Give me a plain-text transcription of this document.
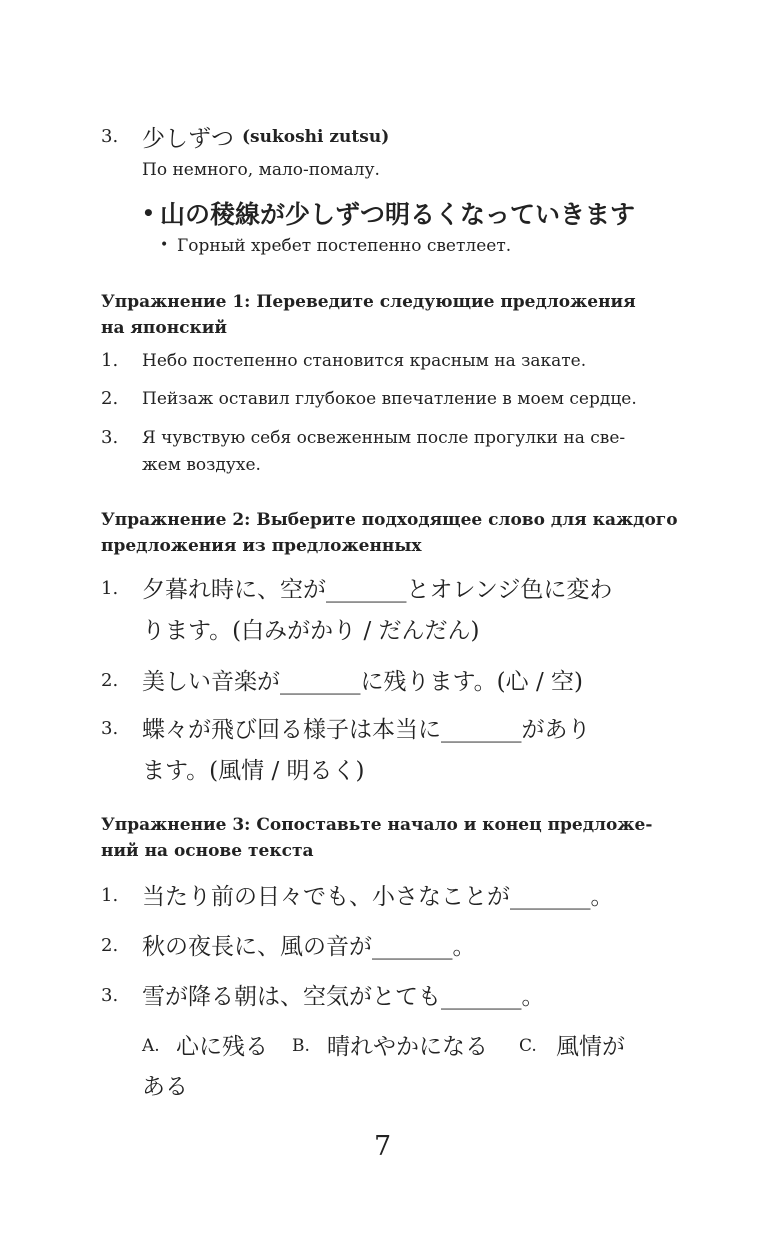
3. 少しずつ (sukoshi zutsu)
По немного, мало-помалу.
• 山の稜線が少しずつ明るくなっていきます
• Горный хребет постепенно светлеет.
Упражнение 1: Переведите следующие предложения
на японский
1. Небо постепенно становится красным на закате.
2. Пейзаж оставил глубокое впечатление в моем сердце.
3. Я чувствую себя освеженным после прогулки на све-
жем воздухе.
Упражнение 2: Выберите подходящее слово для каждого
предложения из предложенных
1. 夕暮れ時に、空が_______とオレンジ色に変わ
ります。(白みがかり / だんだん)
2. 美しい音楽が_______に残ります。(心 / 空)
3. 蝶々が飛び回る様子は本当に_______があり
ます。(風情 / 明るく)
Упражнение 3: Сопоставьте начало и конец предложе-
ний на основе текста
1. 当たり前の日々でも、小さなことが_______。
2. 秋の夜長に、風の音が_______。
3. 雪が降る朝は、空気がとても_______。
A. 心に残る B. 晴れやかになる C. 風情が
ある
7
